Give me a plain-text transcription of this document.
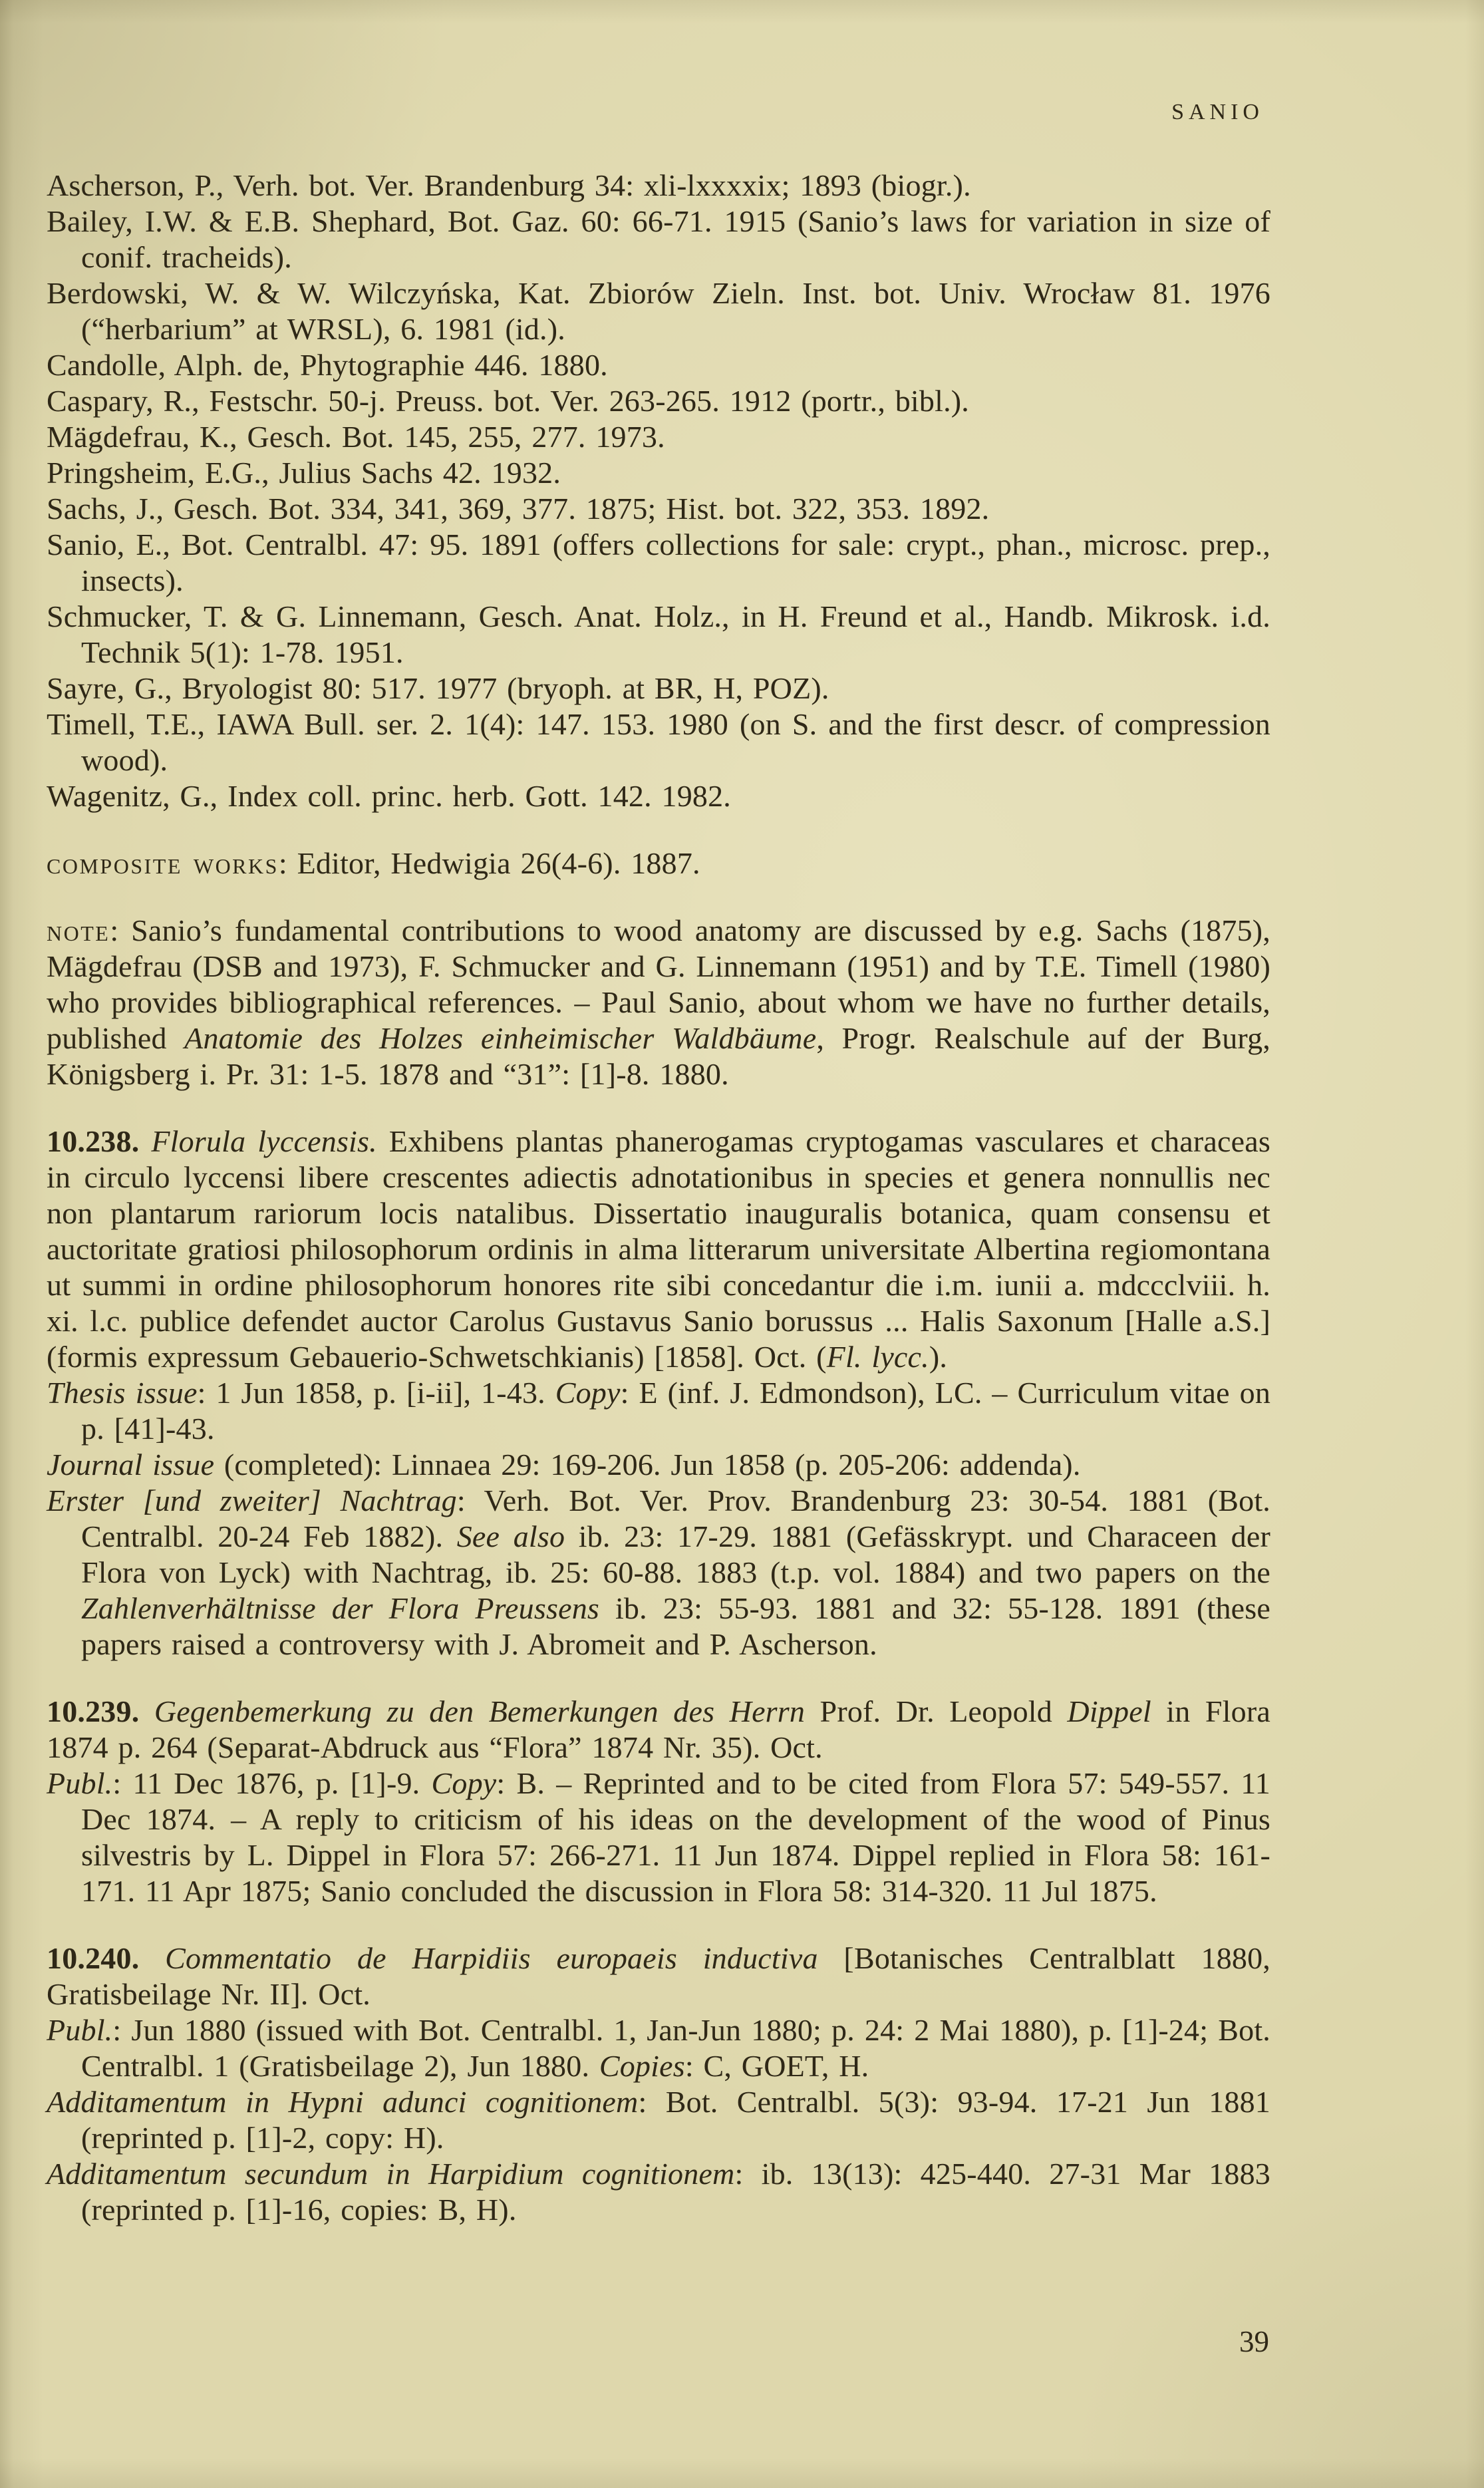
SANIO

Ascherson, P., Verh. bot. Ver. Brandenburg 34: xli-lxxxxix; 1893 (biogr.).

Bailey, I.W. & E.B. Shephard, Bot. Gaz. 60: 66-71. 1915 (Sanio’s laws for variation in size of conif. tracheids).

Berdowski, W. & W. Wilczyńska, Kat. Zbiorów Zieln. Inst. bot. Univ. Wrocław 81. 1976 (“herbarium” at WRSL), 6. 1981 (id.).

Candolle, Alph. de, Phytographie 446. 1880.

Caspary, R., Festschr. 50-j. Preuss. bot. Ver. 263-265. 1912 (portr., bibl.).

Mägdefrau, K., Gesch. Bot. 145, 255, 277. 1973.

Pringsheim, E.G., Julius Sachs 42. 1932.

Sachs, J., Gesch. Bot. 334, 341, 369, 377. 1875; Hist. bot. 322, 353. 1892.

Sanio, E., Bot. Centralbl. 47: 95. 1891 (offers collections for sale: crypt., phan., microsc. prep., insects).

Schmucker, T. & G. Linnemann, Gesch. Anat. Holz., in H. Freund et al., Handb. Mikrosk. i.d. Technik 5(1): 1-78. 1951.

Sayre, G., Bryologist 80: 517. 1977 (bryoph. at BR, H, POZ).

Timell, T.E., IAWA Bull. ser. 2. 1(4): 147. 153. 1980 (on S. and the first descr. of compression wood).

Wagenitz, G., Index coll. princ. herb. Gott. 142. 1982.

composite works: Editor, Hedwigia 26(4-6). 1887.

note: Sanio’s fundamental contributions to wood anatomy are discussed by e.g. Sachs (1875), Mägdefrau (DSB and 1973), F. Schmucker and G. Linnemann (1951) and by T.E. Timell (1980) who provides bibliographical references. – Paul Sanio, about whom we have no further details, published Anatomie des Holzes einheimischer Waldbäume, Progr. Realschule auf der Burg, Königsberg i. Pr. 31: 1-5. 1878 and “31”: [1]-8. 1880.

10.238. Florula lyccensis. Exhibens plantas phanerogamas cryptogamas vasculares et characeas in circulo lyccensi libere crescentes adiectis adnotationibus in species et genera nonnullis nec non plantarum rariorum locis natalibus. Dissertatio inauguralis botanica, quam consensu et auctoritate gratiosi philosophorum ordinis in alma litterarum universitate Albertina regiomontana ut summi in ordine philosophorum honores rite sibi concedantur die i.m. iunii a. mdccclviii. h. xi. l.c. publice defendet auctor Carolus Gustavus Sanio borussus ... Halis Saxonum [Halle a.S.] (formis expressum Gebauerio-Schwetschkianis) [1858]. Oct. (Fl. lycc.).

Thesis issue: 1 Jun 1858, p. [i-ii], 1-43. Copy: E (inf. J. Edmondson), LC. – Curriculum vitae on p. [41]-43.

Journal issue (completed): Linnaea 29: 169-206. Jun 1858 (p. 205-206: addenda).

Erster [und zweiter] Nachtrag: Verh. Bot. Ver. Prov. Brandenburg 23: 30-54. 1881 (Bot. Centralbl. 20-24 Feb 1882). See also ib. 23: 17-29. 1881 (Gefässkrypt. und Characeen der Flora von Lyck) with Nachtrag, ib. 25: 60-88. 1883 (t.p. vol. 1884) and two papers on the Zahlenverhältnisse der Flora Preussens ib. 23: 55-93. 1881 and 32: 55-128. 1891 (these papers raised a controversy with J. Abromeit and P. Ascherson.

10.239. Gegenbemerkung zu den Bemerkungen des Herrn Prof. Dr. Leopold Dippel in Flora 1874 p. 264 (Separat-Abdruck aus “Flora” 1874 Nr. 35). Oct.

Publ.: 11 Dec 1876, p. [1]-9. Copy: B. – Reprinted and to be cited from Flora 57: 549-557. 11 Dec 1874. – A reply to criticism of his ideas on the development of the wood of Pinus silvestris by L. Dippel in Flora 57: 266-271. 11 Jun 1874. Dippel replied in Flora 58: 161-171. 11 Apr 1875; Sanio concluded the discussion in Flora 58: 314-320. 11 Jul 1875.

10.240. Commentatio de Harpidiis europaeis inductiva [Botanisches Centralblatt 1880, Gratisbeilage Nr. II]. Oct.

Publ.: Jun 1880 (issued with Bot. Centralbl. 1, Jan-Jun 1880; p. 24: 2 Mai 1880), p. [1]-24; Bot. Centralbl. 1 (Gratisbeilage 2), Jun 1880. Copies: C, GOET, H.

Additamentum in Hypni adunci cognitionem: Bot. Centralbl. 5(3): 93-94. 17-21 Jun 1881 (reprinted p. [1]-2, copy: H).

Additamentum secundum in Harpidium cognitionem: ib. 13(13): 425-440. 27-31 Mar 1883 (reprinted p. [1]-16, copies: B, H).

39
